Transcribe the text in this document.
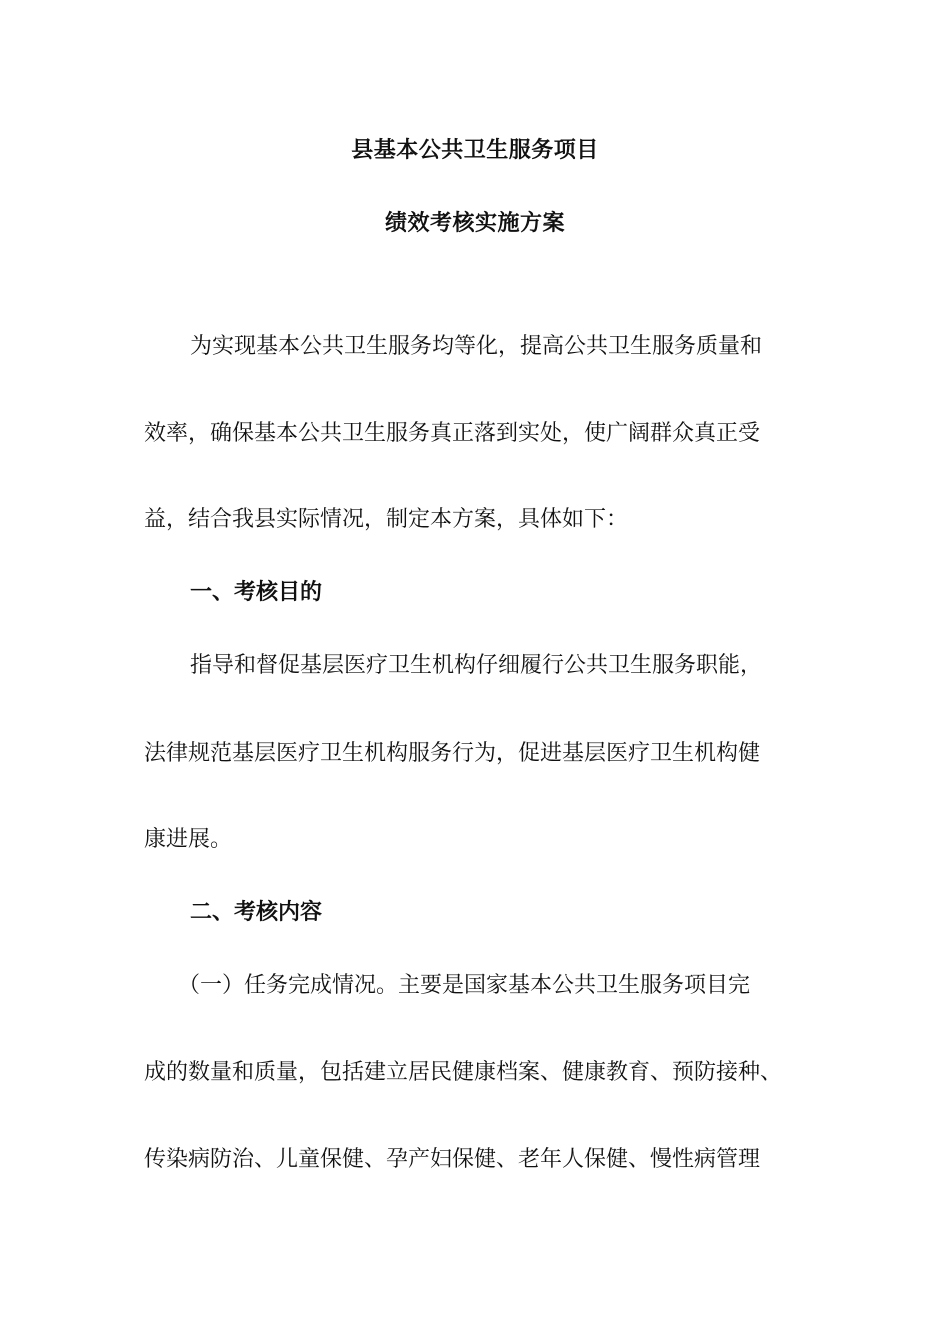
县基本公共卫生服务项目
绩效考核实施方案

为实现基本公共卫生服务均等化，提高公共卫生服务质量和

效率，确保基本公共卫生服务真正落到实处，使广阔群众真正受

益，结合我县实际情况，制定本方案，具体如下：

一、考核目的

指导和督促基层医疗卫生机构仔细履行公共卫生服务职能，

法律规范基层医疗卫生机构服务行为，促进基层医疗卫生机构健

康进展。

二、考核内容

（一）任务完成情况。主要是国家基本公共卫生服务项目完

成的数量和质量，包括建立居民健康档案、健康教育、预防接种、

传染病防治、儿童保健、孕产妇保健、老年人保健、慢性病管理
